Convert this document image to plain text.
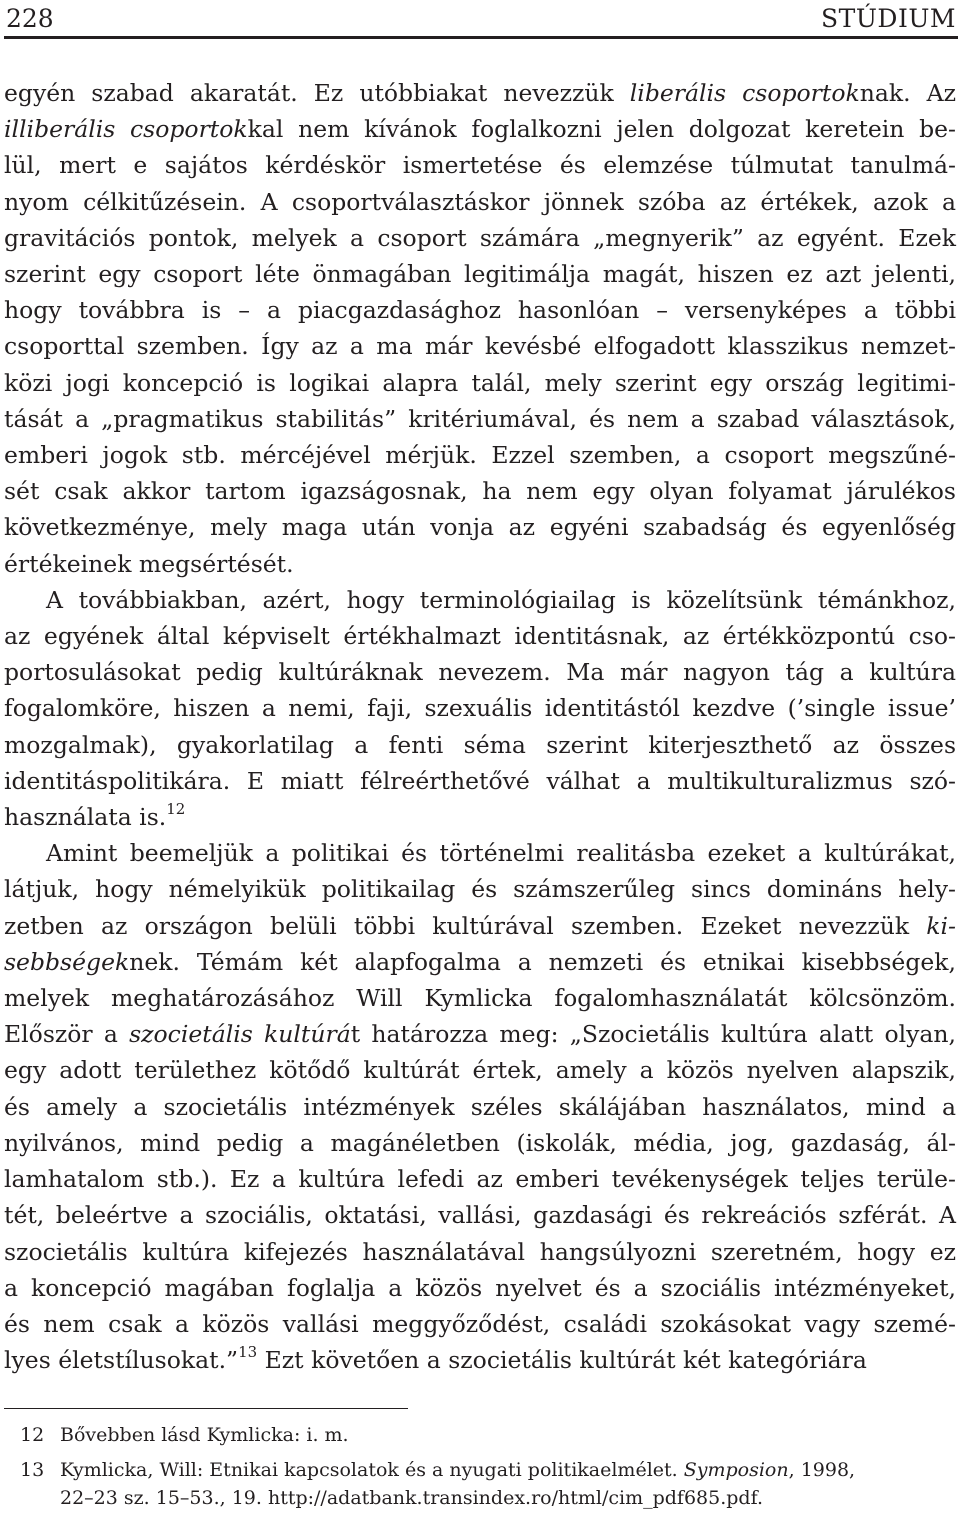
228	STÚDIUM
egyén szabad akaratát. Ez utóbbiakat nevezzük liberális csoportoknak. Az
illiberális csoportokkal nem kívánok foglalkozni jelen dolgozat keretein be-
lül, mert e sajátos kérdéskör ismertetése és elemzése túlmutat tanulmá-
nyom célkitűzésein. A csoportválasztáskor jönnek szóba az értékek, azok a
gravitációs pontok, melyek a csoport számára „megnyerik” az egyént. Ezek
szerint egy csoport léte önmagában legitimálja magát, hiszen ez azt jelenti,
hogy továbbra is – a piacgazdasághoz hasonlóan – versenyképes a többi
csoporttal szemben. Így az a ma már kevésbé elfogadott klasszikus nemzet-
közi jogi koncepció is logikai alapra talál, mely szerint egy ország legitimi-
tását a „pragmatikus stabilitás” kritériumával, és nem a szabad választások,
emberi jogok stb. mércéjével mérjük. Ezzel szemben, a csoport megszűné-
sét csak akkor tartom igazságosnak, ha nem egy olyan folyamat járulékos
következménye, mely maga után vonja az egyéni szabadság és egyenlőség
értékeinek megsértését.
A továbbiakban, azért, hogy terminológiailag is közelítsünk témánkhoz,
az egyének által képviselt értékhalmazt identitásnak, az értékközpontú cso-
portosulásokat pedig kultúráknak nevezem. Ma már nagyon tág a kultúra
fogalomköre, hiszen a nemi, faji, szexuális identitástól kezdve (’single issue’
mozgalmak), gyakorlatilag a fenti séma szerint kiterjeszthető az összes
identitáspolitikára. E miatt félreérthetővé válhat a multikulturalizmus szó-
használata is.$^{12}$
Amint beemeljük a politikai és történelmi realitásba ezeket a kultúrákat,
látjuk, hogy némelyikük politikailag és számszerűleg sincs domináns hely-
zetben az országon belüli többi kultúrával szemben. Ezeket nevezzük ki-
sebbségeknek. Témám két alapfogalma a nemzeti és etnikai kisebbségek,
melyek meghatározásához Will Kymlicka fogalomhasználatát kölcsönzöm.
Először a szocietális kultúrát határozza meg: „Szocietális kultúra alatt olyan,
egy adott területhez kötődő kultúrát értek, amely a közös nyelven alapszik,
és amely a szocietális intézmények széles skálájában használatos, mind a
nyilvános, mind pedig a magánéletben (iskolák, média, jog, gazdaság, ál-
lamhatalom stb.). Ez a kultúra lefedi az emberi tevékenységek teljes terüle-
tét, beleértve a szociális, oktatási, vallási, gazdasági és rekreációs szférát. A
szocietális kultúra kifejezés használatával hangsúlyozni szeretném, hogy ez
a koncepció magában foglalja a közös nyelvet és a szociális intézményeket,
és nem csak a közös vallási meggyőződést, családi szokásokat vagy szemé-
lyes életstílusokat.”$^{13}$ Ezt követően a szocietális kultúrát két kategóriára
12 Bővebben lásd Kymlicka: i. m.
13 Kymlicka, Will: Etnikai kapcsolatok és a nyugati politikaelmélet. Symposion, 1998,
22–23 sz. 15–53., 19. http://adatbank.transindex.ro/html/cim_pdf685.pdf.
